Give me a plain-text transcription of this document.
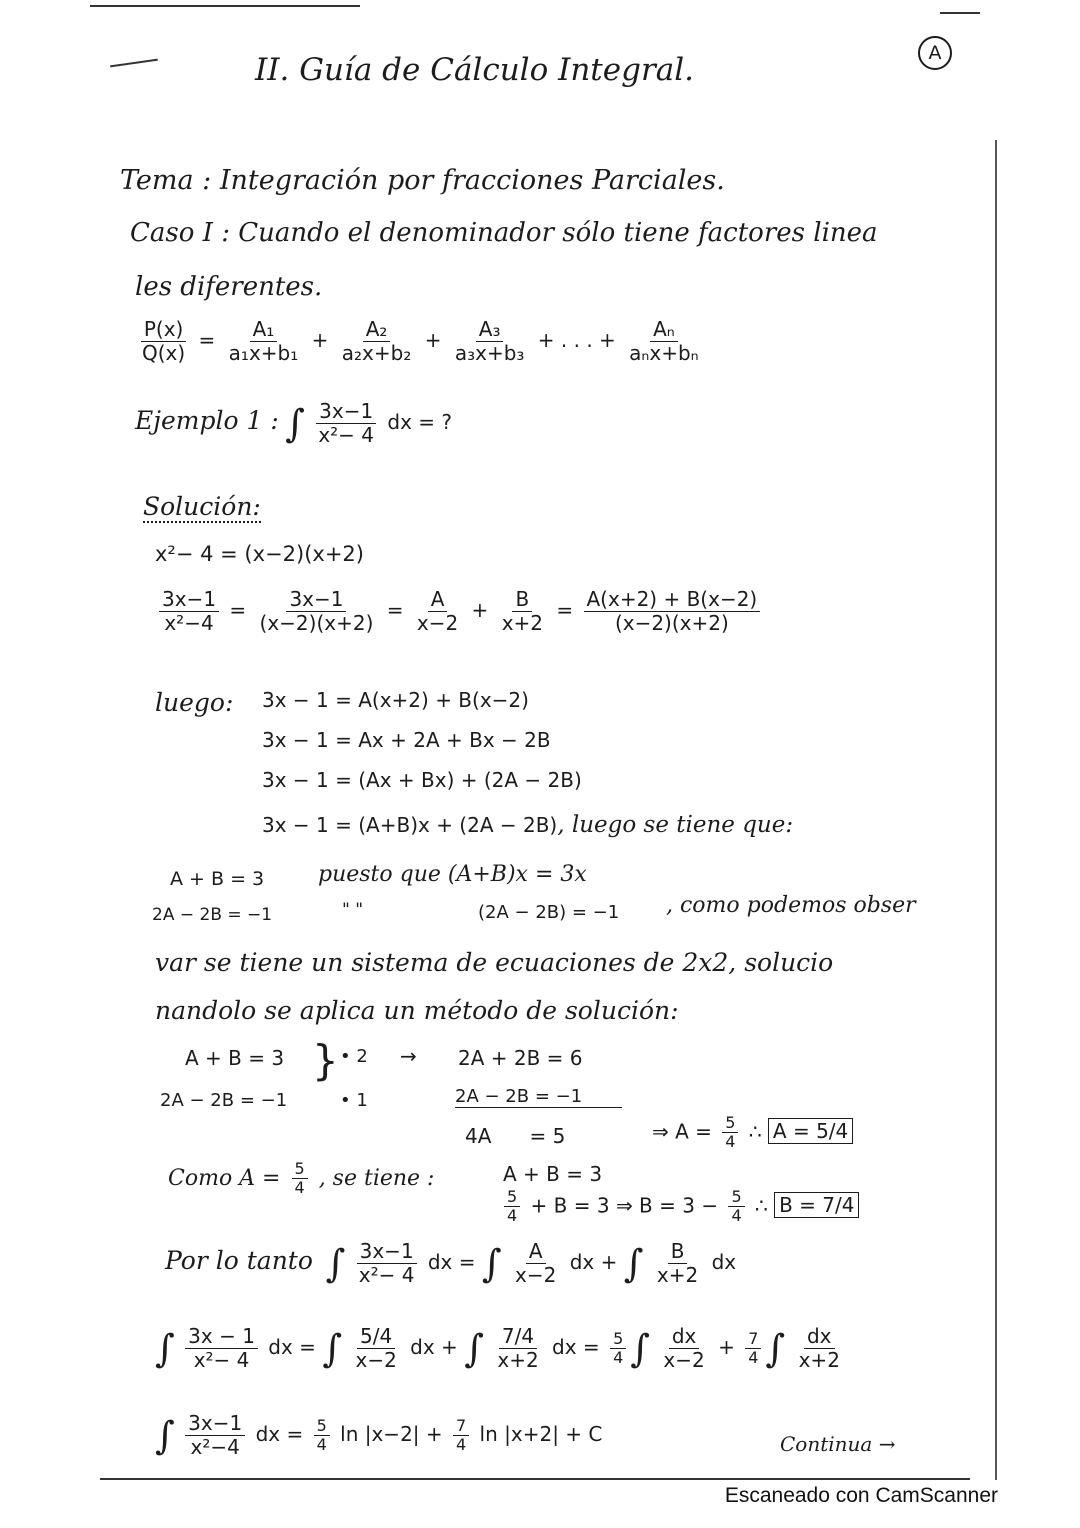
A
II. Guía de Cálculo Integral.
Tema : Integración por fracciones Parciales.
Caso I : Cuando el denominador sólo tiene factores linea
les diferentes.
$\frac{P(x)}{Q(x)} = \frac{\text{A₁}}{\text{a₁x+b₁}} + \frac{\text{A₂}}{\text{a₂x+b₂}} + \frac{\text{A₃}}{\text{a₃x+b₃}}$ + . . . + $\frac{\text{Aₙ}}{\text{aₙx+bₙ}}$
Ejemplo 1 : ∫ $\frac{3x-1}{\text{x²− 4}}$ dx = ?
Solución:
x²− 4 = (x−2)(x+2)
$\frac{3x-1}{\text{x²−4}} = \frac{3x-1}{(x-2)(x+2)} = \frac{A}{x-2} + \frac{B}{x+2} = \frac{A(x+2) + B(x-2)}{(x-2)(x+2)}$
luego: 3x − 1 = A(x+2) + B(x−2)
3x − 1 = Ax + 2A + Bx − 2B
3x − 1 = (Ax + Bx) + (2A − 2B)
3x − 1 = (A+B)x + (2A − 2B), luego se tiene que:
A + B = 3 puesto que (A+B)x = 3x
2A − 2B = −1	" "	(2A − 2B) = −1 , como podemos obser
var se tiene un sistema de ecuaciones de 2x2, solucio
nandolo se aplica un método de solución:
A + B = 3
2A − 2B = −1
} • 2
• 1
→ 2A + 2B = 6
2A − 2B = −1
4A      = 5	⇒ $A = \frac{5}{4}$ ∴ A = 5/4
Como $A = \frac{5}{4}$ , se tiene :	A + B = 3
$\frac{5}{4} + B = 3$ ⇒ $B = 3 - \frac{5}{4}$ ∴ B = 7/4
Por lo tanto ∫ $\frac{3x-1}{\text{x²− 4}}$ dx = ∫ $\frac{A}{x-2}$ dx + ∫ $\frac{B}{x+2}$ dx
∫ $\frac{3x - 1}{\text{x²− 4}}$ dx = ∫ $\frac{5/4}{x-2}$ dx + ∫ $\frac{7/4}{x+2}$ dx = $\frac{5}{4}$ ∫ $\frac{dx}{x-2} + \frac{7}{4}$ ∫ $\frac{dx}{x+2}$
∫ $\frac{3x-1}{\text{x²−4}}$ dx = $\frac{5}{4}$ $\ln |x-2| + \frac{7}{4}$ ln |x+2| + C	Continua →
Escaneado con CamScanner
